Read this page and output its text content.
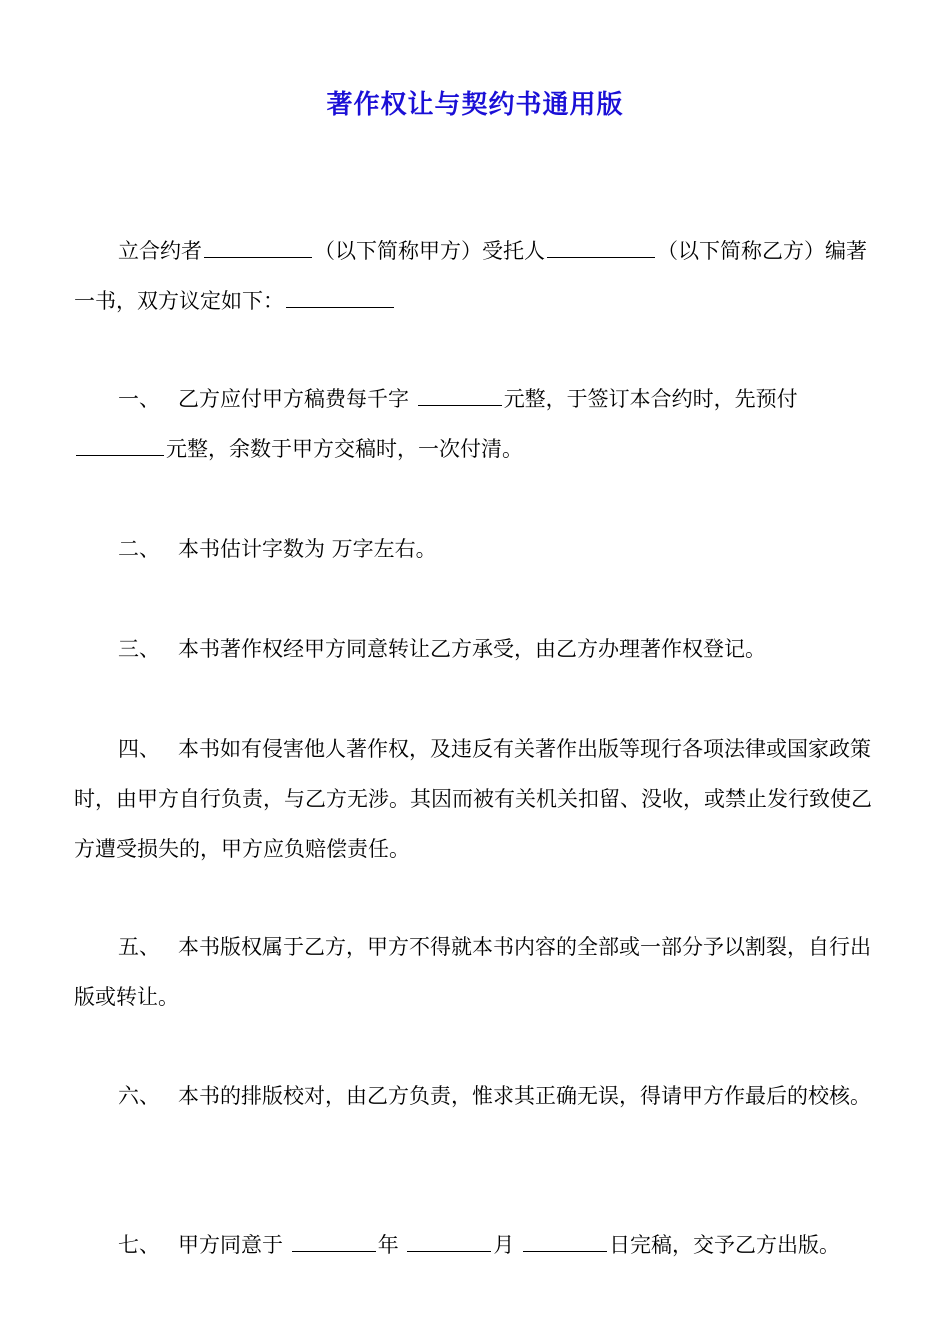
著作权让与契约书通用版
立合约者	（以下简称甲方）受托人	（以下简称乙方）编著一书，双方议定如下：
一、 乙方应付甲方稿费每千字	元整，于签订本合约时，先预付 元整，余数于甲方交稿时，一次付清。
二、 本书估计字数为 万字左右。
三、 本书著作权经甲方同意转让乙方承受，由乙方办理著作权登记。
四、 本书如有侵害他人著作权，及违反有关著作出版等现行各项法律或国家政策时，由甲方自行负责，与乙方无涉。其因而被有关机关扣留、没收，或禁止发行致使乙方遭受损失的，甲方应负赔偿责任。
五、 本书版权属于乙方，甲方不得就本书内容的全部或一部分予以割裂，自行出版或转让。
六、 本书的排版校对，由乙方负责，惟求其正确无误，得请甲方作最后的校核。
七、 甲方同意于	年	月	日完稿，交予乙方出版。
